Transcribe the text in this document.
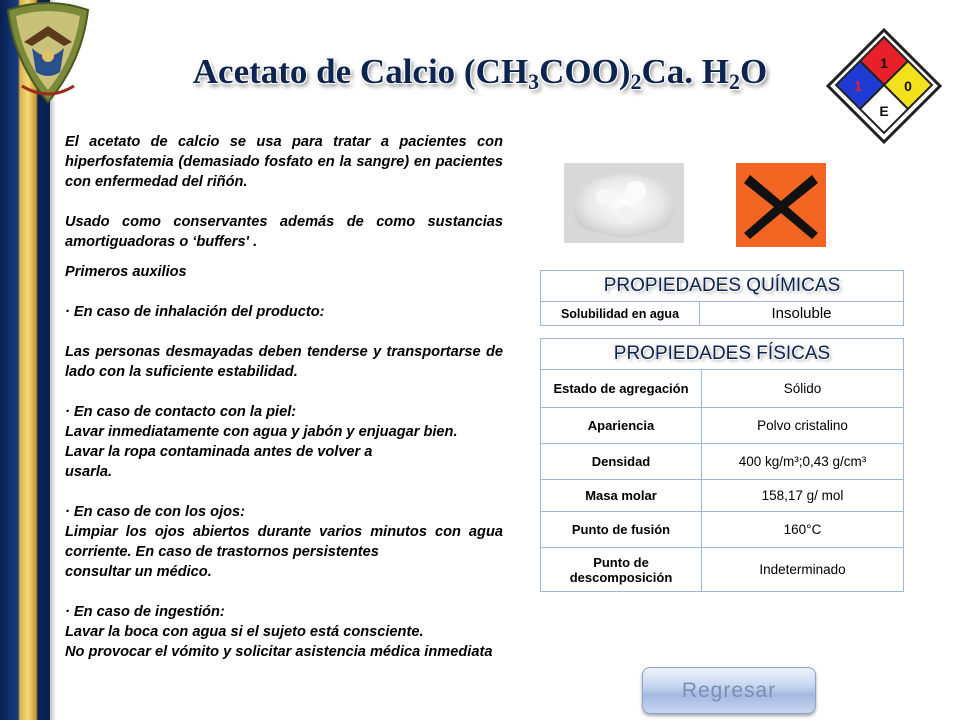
Acetato de Calcio $(CH_3COO)_2Ca$. $H_2O$	1
1	0
E

El acetato de calcio se usa para tratar a pacientes con hiperfosfatemia (demasiado fosfato en la sangre) en pacientes con enfermedad del riñón.

Usado como conservantes además de como sustancias amortiguadoras o ‘buffers' .

Primeros auxilios

· En caso de inhalación del producto:

Las personas desmayadas deben tenderse y transportarse de lado con la suficiente estabilidad.

· En caso de contacto con la piel:

Lavar inmediatamente con agua y jabón y enjuagar bien.

Lavar la ropa contaminada antes de volver a

usarla.

· En caso de con los ojos:

Limpiar los ojos abiertos durante varios minutos con agua corriente. En caso de trastornos persistentes

consultar un médico.

· En caso de ingestión:

Lavar la boca con agua si el sujeto está consciente.

No provocar el vómito y solicitar asistencia médica inmediata

PROPIEDADES QUÍMICAS
Solubilidad en agua	Insoluble
PROPIEDADES FÍSICAS	
Estado de agregación	Sólido
Apariencia	Polvo cristalino
Densidad	400 kg/m³;0,43 g/cm³
Masa molar	158,17 g/ mol
Punto de fusión	160°C
Punto de descomposición	Indeterminado
Regresar
